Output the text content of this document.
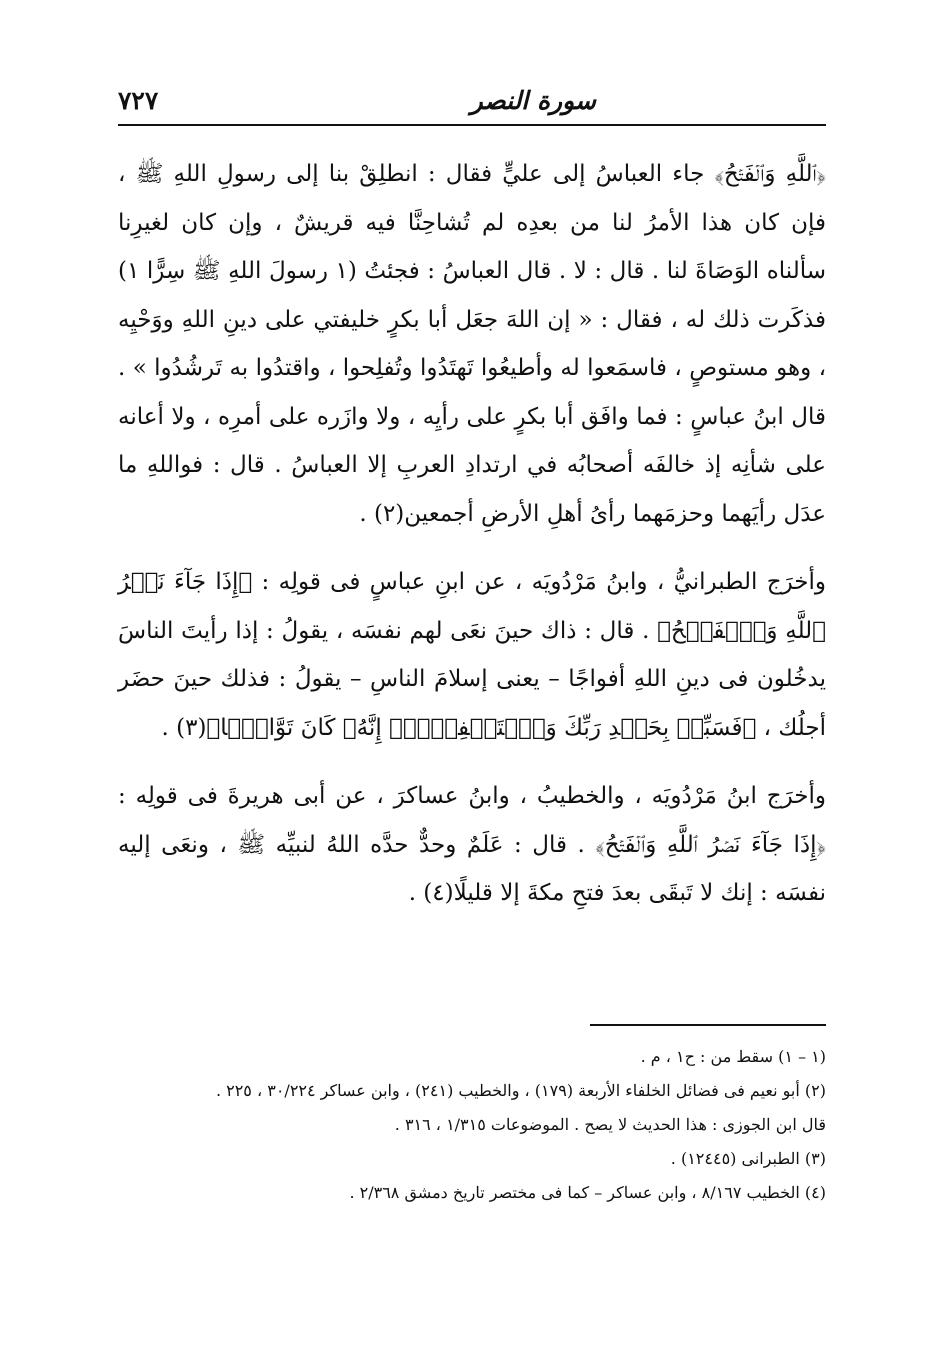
٧٢٧	سورة النصر

﴿ٱللَّهِ وَٱلۡفَتۡحُ﴾ جاء العباسُ إلى عليٍّ فقال : انطلِقْ بنا إلى رسولِ اللهِ ﷺ ، فإن كان هذا الأمرُ لنا من بعدِه لم تُشاحِنَّا فيه قريشٌ ، وإن كان لغيرِنا سألناه الوَصَاةَ لنا . قال : لا . قال العباسُ : فجئتُ (١ رسولَ اللهِ ﷺ سِرًّا ١) فذكَرت ذلك له ، فقال : « إن اللهَ جعَل أبا بكرٍ خليفتي على دينِ اللهِ ووَحْيِه ، وهو مستوصٍ ، فاسمَعوا له وأطيعُوا تَهتَدُوا وتُفلِحوا ، واقتدُوا به تَرشُدُوا » . قال ابنُ عباسٍ : فما وافَق أبا بكرٍ على رأيِه ، ولا وازَره على أمرِه ، ولا أعانه على شأنِه إذ خالفَه أصحابُه في ارتدادِ العربِ إلا العباسُ . قال : فواللهِ ما عدَل رأيَهما وحزمَهما رأىُ أهلِ الأرضِ أجمعين(٢) .

وأخرَج الطبرانيُّ ، وابنُ مَرْدُويَه ، عن ابنِ عباسٍ فى قولِه : ﴿إِذَا جَآءَ نَصۡرُ ٱللَّهِ وَٱلۡفَتۡحُ﴾ . قال : ذاك حينَ نعَى لهم نفسَه ، يقولُ : إذا رأيتَ الناسَ يدخُلون فى دينِ اللهِ أفواجًا – يعنى إسلامَ الناسِ – يقولُ : فذلك حينَ حضَر أجلُك ، ﴿فَسَبِّحۡ بِحَمۡدِ رَبِّكَ وَٱسۡتَغۡفِرۡهُۚ إِنَّهُۥ كَانَ تَوَّابَۢا﴾(٣) .

وأخرَج ابنُ مَرْدُويَه ، والخطيبُ ، وابنُ عساكرَ ، عن أبى هريرةَ فى قولِه : ﴿إِذَا جَآءَ نَصۡرُ ٱللَّهِ وَٱلۡفَتۡحُ﴾ . قال : عَلَمٌ وحدٌّ حدَّه اللهُ لنبيِّه ﷺ ، ونعَى إليه نفسَه : إنك لا تَبقَى بعدَ فتحِ مكةَ إلا قليلًا(٤) .

(١ – ١) سقط من : ح١ ، م .

(٢) أبو نعيم فى فضائل الخلفاء الأربعة (١٧٩) ، والخطيب (٢٤١) ، وابن عساكر ٣٠/٢٢٤ ، ٢٢٥ .

قال ابن الجوزى : هذا الحديث لا يصح . الموضوعات ١/٣١٥ ، ٣١٦ .

(٣) الطبرانى (١٢٤٤٥) .

(٤) الخطيب ٨/١٦٧ ، وابن عساكر – كما فى مختصر تاريخ دمشق ٢/٣٦٨ .
